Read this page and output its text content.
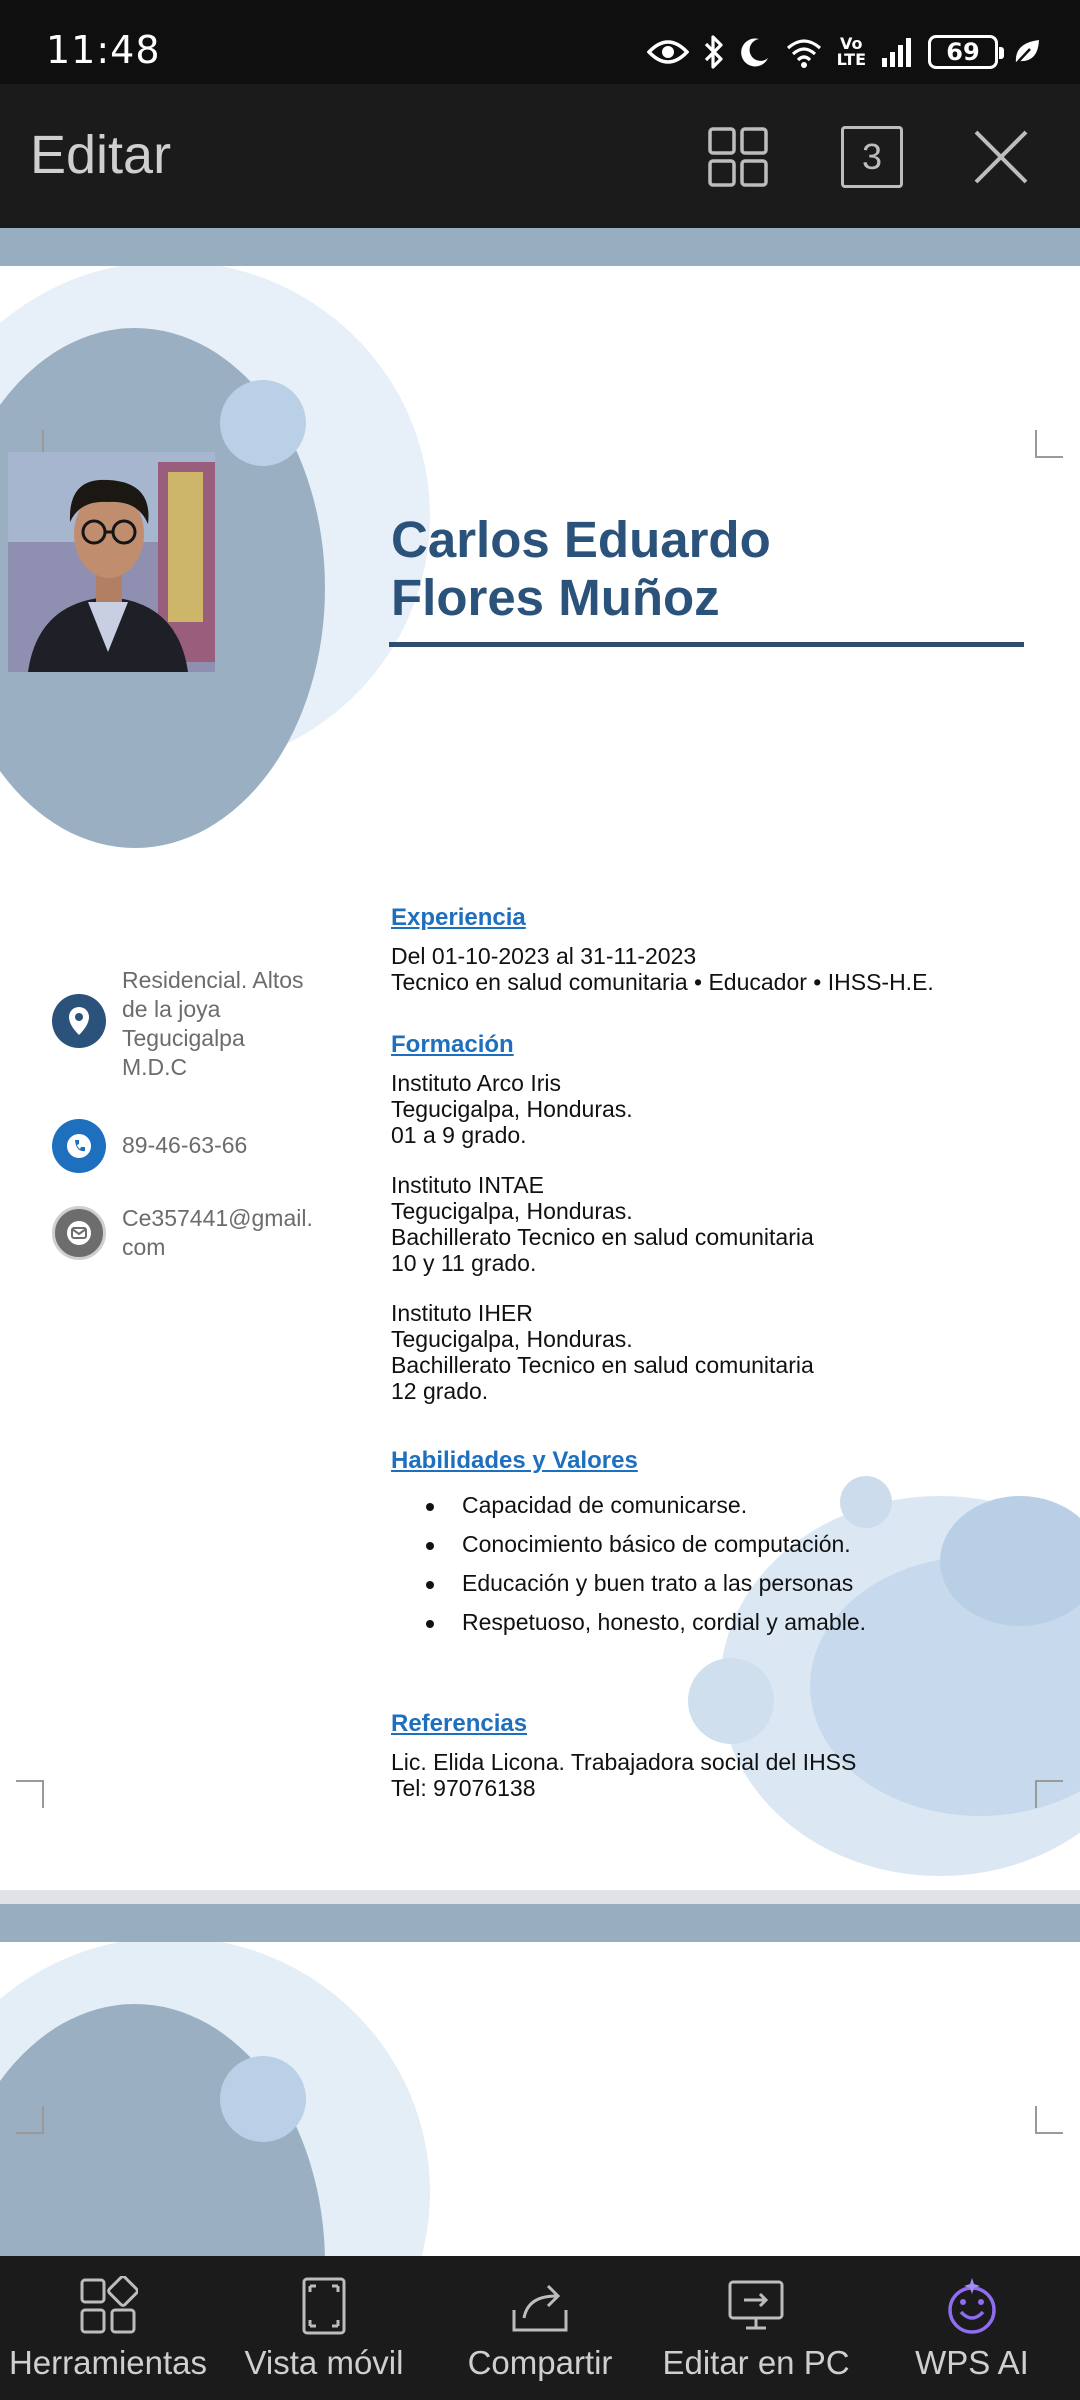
11:48	Vo
LTE	69
Editar	3
Carlos Eduardo
Flores Muñoz
Residencial. Altos
de la joya
Tegucigalpa
M.D.C
89-46-63-66
Ce357441@gmail.
com
Experiencia

Del 01-10-2023 al 31-11-2023

Tecnico en salud comunitaria • Educador • IHSS-H.E.

Formación

Instituto Arco Iris
Tegucigalpa, Honduras.
01 a 9 grado.

Instituto INTAE
Tegucigalpa, Honduras.
Bachillerato Tecnico en salud comunitaria
10 y 11 grado.

Instituto IHER
Tegucigalpa, Honduras.
Bachillerato Tecnico en salud comunitaria
12 grado.

Habilidades y Valores
Capacidad de comunicarse.
Conocimiento básico de computación.
Educación y buen trato a las personas
Respetuoso, honesto, cordial y amable.
Referencias

Lic. Elida Licona. Trabajadora social del IHSS
Tel: 97076138

Herramientas	Vista móvil	Compartir	Editar en PC	WPS AI
